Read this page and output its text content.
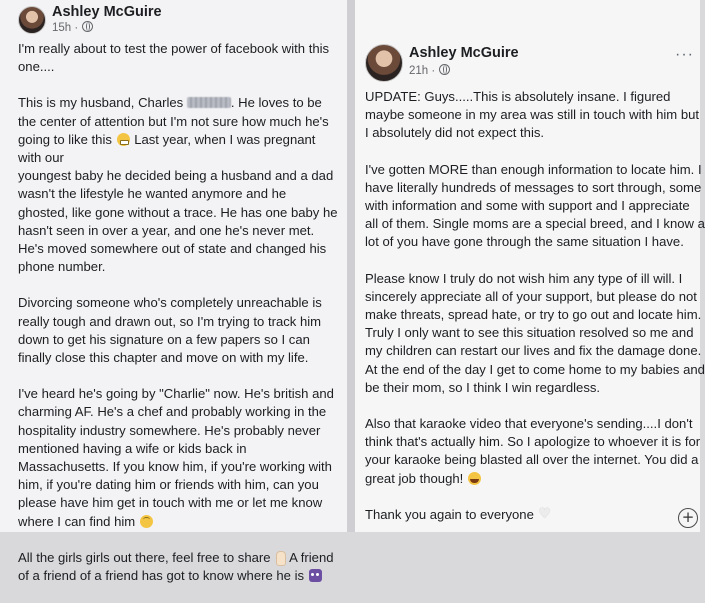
Ashley McGuire
15h ·

I'm really about to test the power of facebook with this one....

This is my husband, Charles	. He loves to be the center of attention but I'm not sure how much he's going to like this Last year, when I was pregnant with our
youngest baby he decided being a husband and a dad wasn't the lifestyle he wanted anymore and he ghosted, like gone without a trace. He has one baby he hasn't seen in over a year, and one he's never met. He's moved somewhere out of state and changed his phone number.

Divorcing someone who's completely unreachable is really tough and drawn out, so I'm trying to track him down to get his signature on a few papers so I can finally close this chapter and move on with my life.

I've heard he's going by "Charlie" now. He's british and charming AF. He's a chef and probably working in the hospitality industry somewhere. He's probably never mentioned having a wife or kids back in Massachusetts. If you know him, if you're working with him, if you're dating him or friends with him, can you please have him get in touch with me or let me know where I can find him

All the girls girls out there, feel free to share A friend of a friend of a friend has got to know where he is

Ashley McGuire
21h ·
···

UPDATE: Guys.....This is absolutely insane. I figured maybe someone in my area was still in touch with him but I absolutely did not expect this.

I've gotten MORE than enough information to locate him. I have literally hundreds of messages to sort through, some with information and some with support and I appreciate all of them. Single moms are a special breed, and I know a lot of you have gone through the same situation I have.

Please know I truly do not wish him any type of ill will. I sincerely appreciate all of your support, but please do not make threats, spread hate, or try to go out and locate him. Truly I only want to see this situation resolved so me and my children can restart our lives and fix the damage done. At the end of the day I get to come home to my babies and be their mom, so I think I win regardless.

Also that karaoke video that everyone's sending....I don't think that's actually him. So I apologize to whoever it is for your karaoke being blasted all over the internet. You did a great job though!

Thank you again to everyone  ♥	+
